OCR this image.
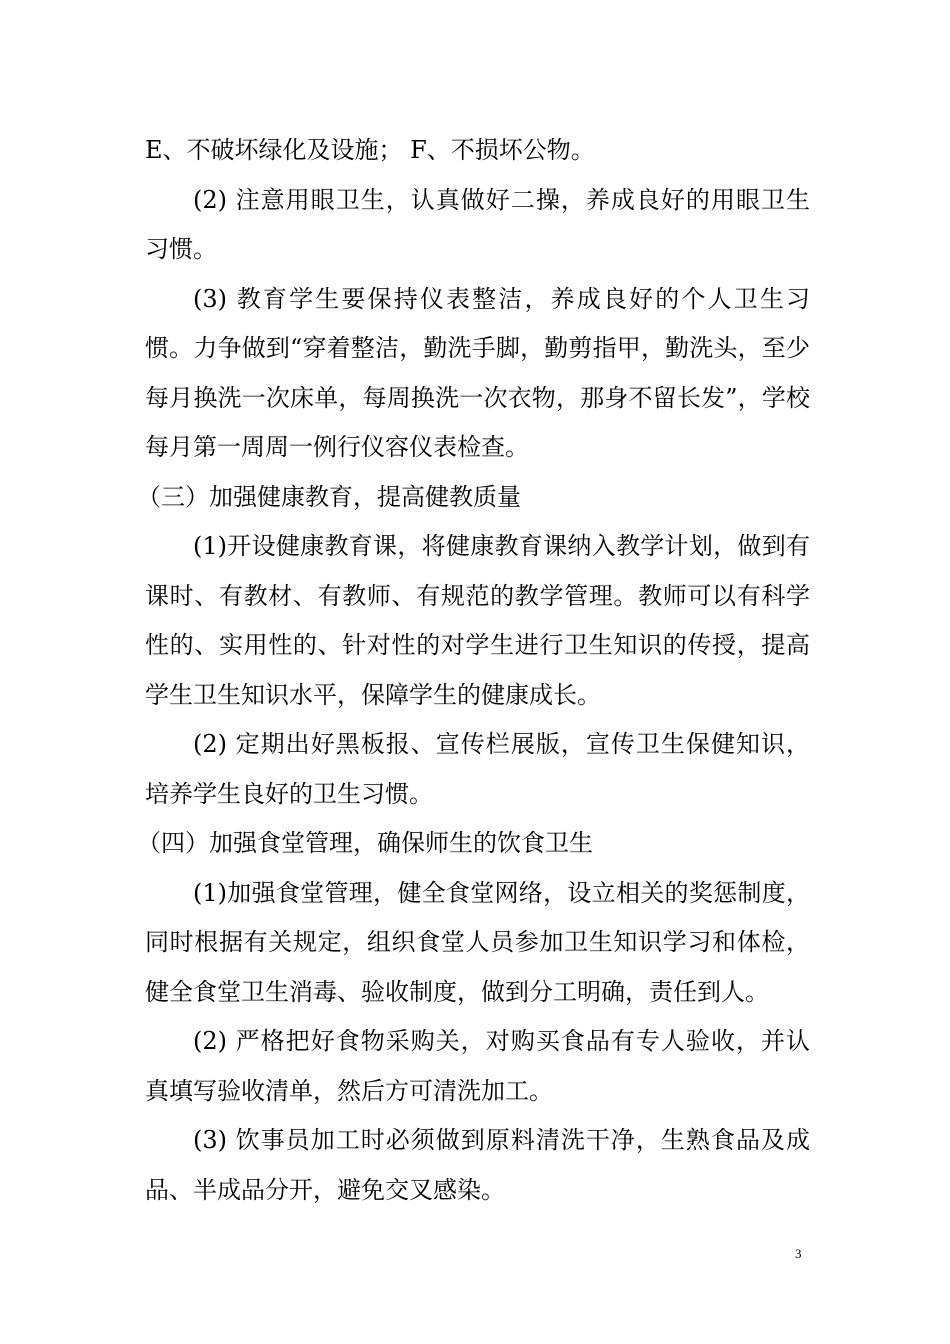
E、不破坏绿化及设施； F、不损坏公物。

(2) 注意用眼卫生，认真做好二操，养成良好的用眼卫生习惯。

(3) 教育学生要保持仪表整洁，养成良好的个人卫生习惯。力争做到“穿着整洁，勤洗手脚，勤剪指甲，勤洗头，至少每月换洗一次床单，每周换洗一次衣物，那身不留长发”，学校每月第一周周一例行仪容仪表检查。

（三）加强健康教育，提高健教质量

(1)开设健康教育课，将健康教育课纳入教学计划，做到有课时、有教材、有教师、有规范的教学管理。教师可以有科学性的、实用性的、针对性的对学生进行卫生知识的传授，提高学生卫生知识水平，保障学生的健康成长。

(2) 定期出好黑板报、宣传栏展版，宣传卫生保健知识，培养学生良好的卫生习惯。

（四）加强食堂管理，确保师生的饮食卫生

(1)加强食堂管理，健全食堂网络，设立相关的奖惩制度，同时根据有关规定，组织食堂人员参加卫生知识学习和体检，健全食堂卫生消毒、验收制度，做到分工明确，责任到人。

(2) 严格把好食物采购关，对购买食品有专人验收，并认真填写验收清单，然后方可清洗加工。

(3) 饮事员加工时必须做到原料清洗干净，生熟食品及成品、半成品分开，避免交叉感染。

3
